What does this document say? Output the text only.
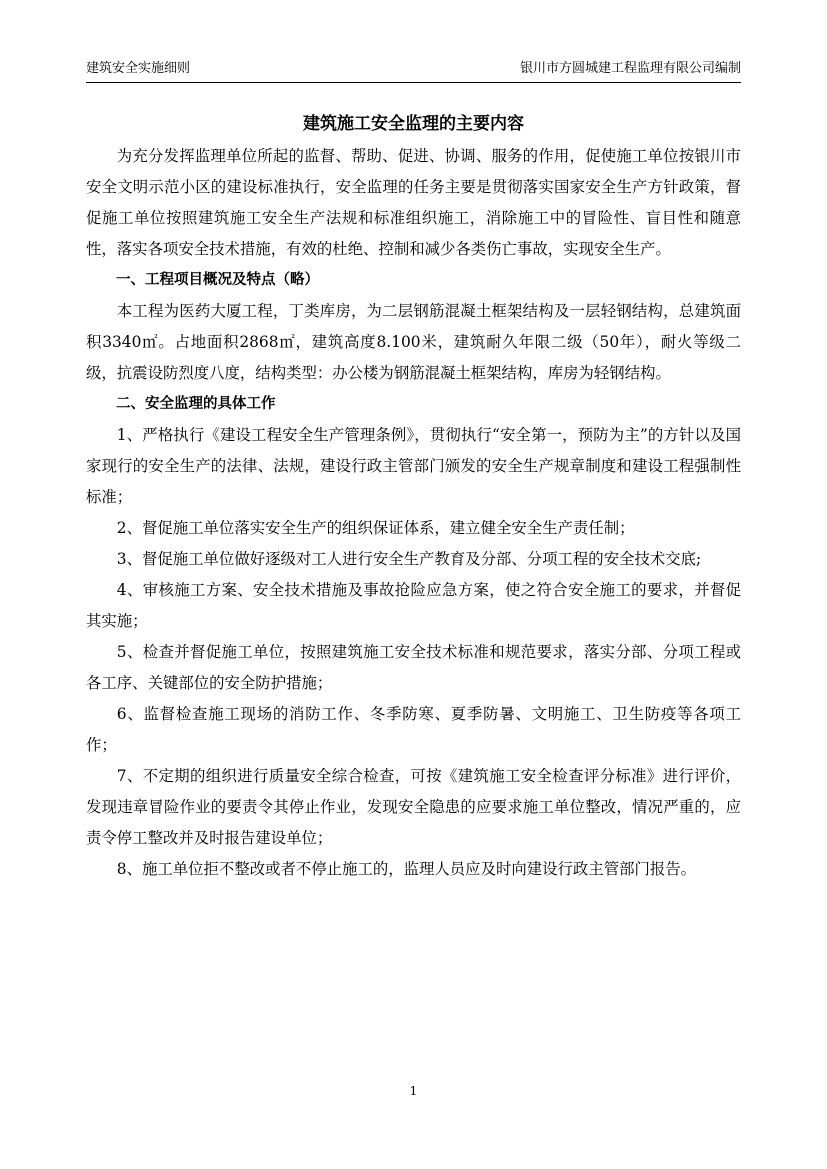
建筑安全实施细则	银川市方圆城建工程监理有限公司编制
建筑施工安全监理的主要内容

为充分发挥监理单位所起的监督、帮助、促进、协调、服务的作用，促使施工单位按银川市安全文明示范小区的建设标准执行，安全监理的任务主要是贯彻落实国家安全生产方针政策，督促施工单位按照建筑施工安全生产法规和标准组织施工，消除施工中的冒险性、盲目性和随意性，落实各项安全技术措施，有效的杜绝、控制和减少各类伤亡事故，实现安全生产。

一、工程项目概况及特点（略）

本工程为医药大厦工程，丁类库房，为二层钢筋混凝土框架结构及一层轻钢结构，总建筑面积3340㎡。占地面积2868㎡，建筑高度8.100米，建筑耐久年限二级（50年），耐火等级二级，抗震设防烈度八度，结构类型：办公楼为钢筋混凝土框架结构，库房为轻钢结构。

二、安全监理的具体工作

1、严格执行《建设工程安全生产管理条例》，贯彻执行“安全第一，预防为主”的方针以及国家现行的安全生产的法律、法规，建设行政主管部门颁发的安全生产规章制度和建设工程强制性标准；

2、督促施工单位落实安全生产的组织保证体系，建立健全安全生产责任制；

3、督促施工单位做好逐级对工人进行安全生产教育及分部、分项工程的安全技术交底;

4、审核施工方案、安全技术措施及事故抢险应急方案，使之符合安全施工的要求，并督促其实施；

5、检查并督促施工单位，按照建筑施工安全技术标准和规范要求，落实分部、分项工程或各工序、关键部位的安全防护措施；

6、监督检查施工现场的消防工作、冬季防寒、夏季防暑、文明施工、卫生防疫等各项工作；

7、不定期的组织进行质量安全综合检查，可按《建筑施工安全检查评分标准》进行评价，发现违章冒险作业的要责令其停止作业，发现安全隐患的应要求施工单位整改，情况严重的，应责令停工整改并及时报告建设单位；

8、施工单位拒不整改或者不停止施工的，监理人员应及时向建设行政主管部门报告。

1
